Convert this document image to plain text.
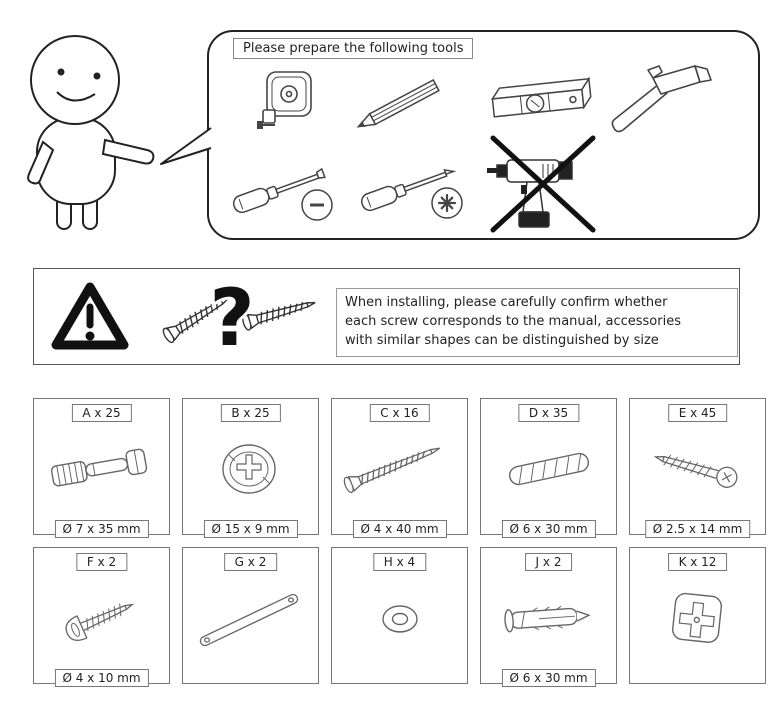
Please prepare the following tools
?	When installing, please carefully confirm whether
each screw corresponds to the manual, accessories
with similar shapes can be distinguished by size
A x 25
Ø 7 x 35 mm
B x 25
Ø 15 x 9 mm
C x 16
Ø 4 x 40 mm
D x 35
Ø 6 x 30 mm
E x 45
Ø 2.5 x 14 mm
F x 2
Ø 4 x 10 mm
G x 2	H x 4	J x 2
Ø 6 x 30 mm
K x 12
